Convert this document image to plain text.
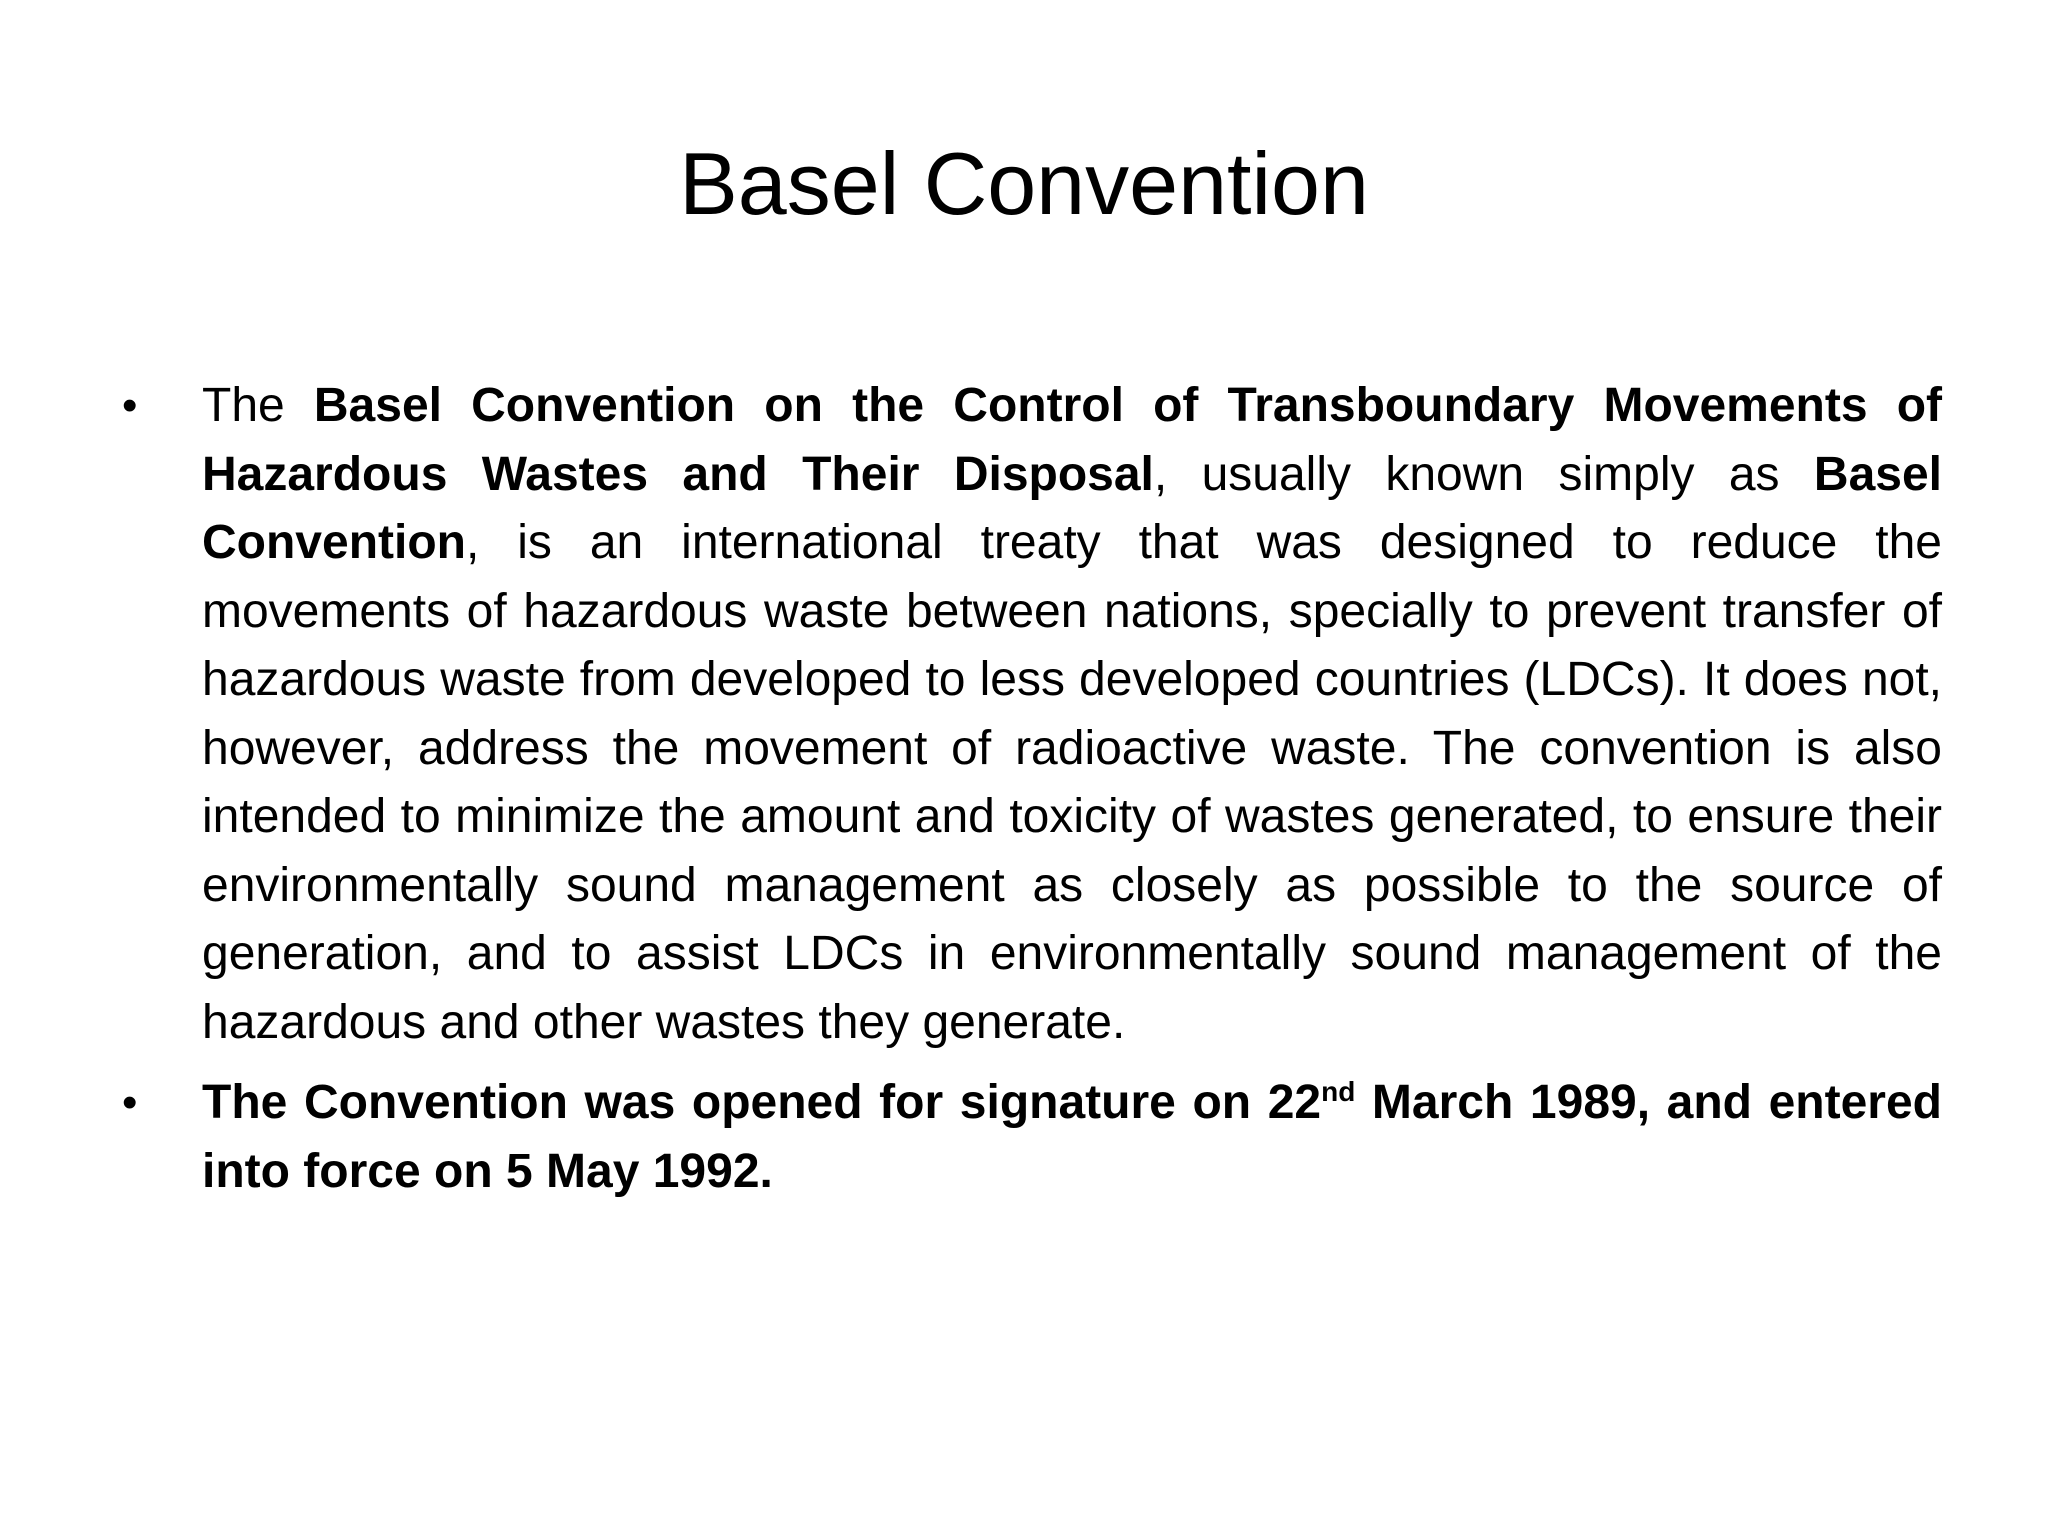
Basel Convention
•	The Basel Convention on the Control of Transboundary Movements of Hazardous Wastes and Their Disposal, usually known simply as Basel Convention, is an international treaty that was designed to reduce the movements of hazardous waste between nations, specially to prevent transfer of hazardous waste from developed to less developed countries (LDCs). It does not, however, address the movement of radioactive waste. The convention is also intended to minimize the amount and toxicity of wastes generated, to ensure their environmentally sound management as closely as possible to the source of generation, and to assist LDCs in environmentally sound management of the hazardous and other wastes they generate.
•	The Convention was opened for signature on 22nd March 1989, and entered into force on 5 May 1992.
